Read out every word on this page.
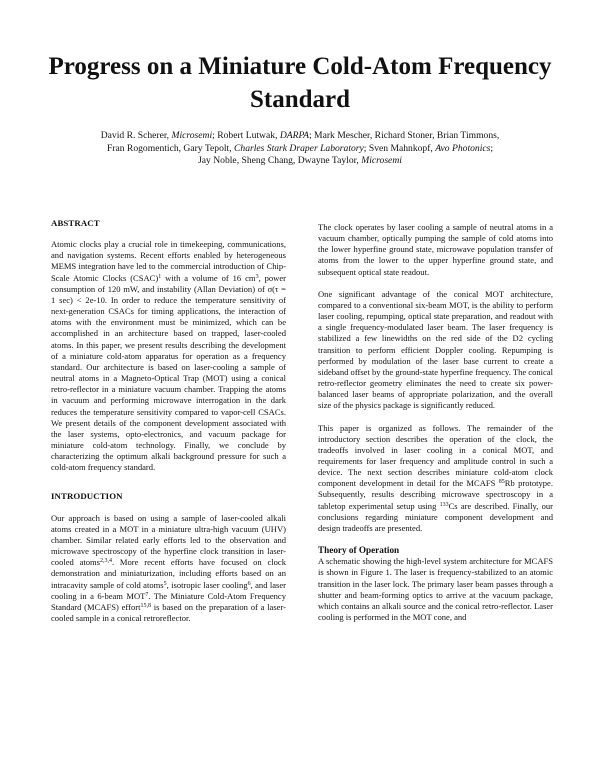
Progress on a Miniature Cold-Atom Frequency Standard
David R. Scherer, Microsemi; Robert Lutwak, DARPA; Mark Mescher, Richard Stoner, Brian Timmons,
Fran Rogomentich, Gary Tepolt, Charles Stark Draper Laboratory; Sven Mahnkopf, Avo Photonics;
Jay Noble, Sheng Chang, Dwayne Taylor, Microsemi
ABSTRACT

Atomic clocks play a crucial role in timekeeping, communications, and navigation systems. Recent efforts enabled by heterogeneous MEMS integration have led to the commercial introduction of Chip-Scale Atomic Clocks (CSAC)$^1$ with a volume of 16 $cm^3$, power consumption of 120 mW, and instability (Allan Deviation) of σ(τ = 1 sec) < 2e-10. In order to reduce the temperature sensitivity of next-generation CSACs for timing applications, the interaction of atoms with the environment must be minimized, which can be accomplished in an architecture based on trapped, laser-cooled atoms. In this paper, we present results describing the development of a miniature cold-atom apparatus for operation as a frequency standard. Our architecture is based on laser-cooling a sample of neutral atoms in a Magneto-Optical Trap (MOT) using a conical retro-reflector in a miniature vacuum chamber. Trapping the atoms in vacuum and performing microwave interrogation in the dark reduces the temperature sensitivity compared to vapor-cell CSACs. We present details of the component development associated with the laser systems, opto-electronics, and vacuum package for miniature cold-atom technology. Finally, we conclude by characterizing the optimum alkali background pressure for such a cold-atom frequency standard.

INTRODUCTION

Our approach is based on using a sample of laser-cooled alkali atoms created in a MOT in a miniature ultra-high vacuum (UHV) chamber. Similar related early efforts led to the observation and microwave spectroscopy of the hyperfine clock transition in laser-cooled atoms$^{2,3,4}$. More recent efforts have focused on clock demonstration and miniaturization, including efforts based on an intracavity sample of cold atoms$^5$, isotropic laser cooling$^6$, and laser cooling in a 6-beam MOT$^7$. The Miniature Cold-Atom Frequency Standard (MCAFS) effort$^{15,8}$ is based on the preparation of a laser-cooled sample in a conical retroreflector.

The clock operates by laser cooling a sample of neutral atoms in a vacuum chamber, optically pumping the sample of cold atoms into the lower hyperfine ground state, microwave population transfer of atoms from the lower to the upper hyperfine ground state, and subsequent optical state readout.

One significant advantage of the conical MOT architecture, compared to a conventional six-beam MOT, is the ability to perform laser cooling, repumping, optical state preparation, and readout with a single frequency-modulated laser beam. The laser frequency is stabilized a few linewidths on the red side of the D2 cycling transition to perform efficient Doppler cooling. Repumping is performed by modulation of the laser base current to create a sideband offset by the ground-state hyperfine frequency. The conical retro-reflector geometry eliminates the need to create six power-balanced laser beams of appropriate polarization, and the overall size of the physics package is significantly reduced.

This paper is organized as follows. The remainder of the introductory section describes the operation of the clock, the tradeoffs involved in laser cooling in a conical MOT, and requirements for laser frequency and amplitude control in such a device. The next section describes miniature cold-atom clock component development in detail for the MCAFS $^{85}$Rb prototype. Subsequently, results describing microwave spectroscopy in a tabletop experimental setup using $^{133}$Cs are described. Finally, our conclusions regarding miniature component development and design tradeoffs are presented.

Theory of Operation

A schematic showing the high-level system architecture for MCAFS is shown in Figure 1. The laser is frequency-stabilized to an atomic transition in the laser lock. The primary laser beam passes through a shutter and beam-forming optics to arrive at the vacuum package, which contains an alkali source and the conical retro-reflector. Laser cooling is performed in the MOT cone, and
